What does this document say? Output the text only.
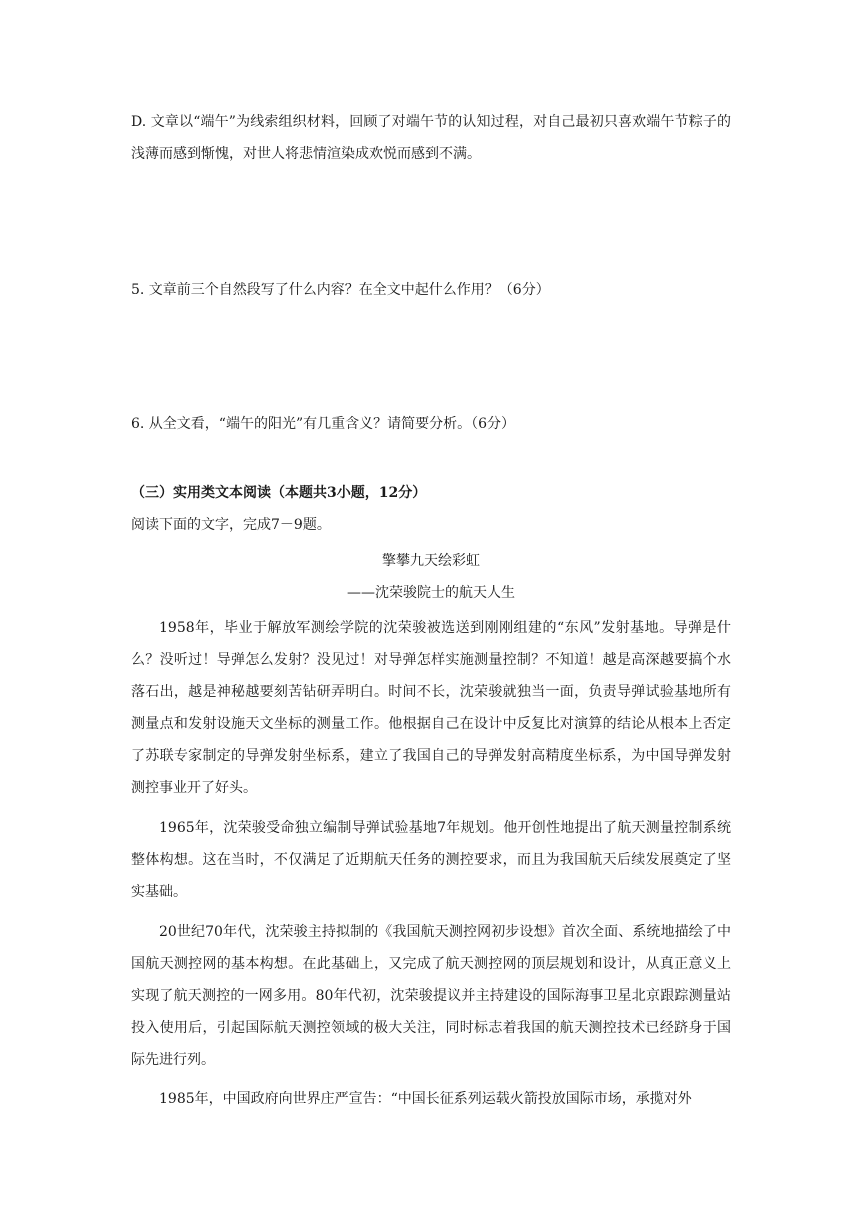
D. 文章以“端午”为线索组织材料，回顾了对端午节的认知过程，对自己最初只喜欢端午节粽子的浅薄而感到惭愧，对世人将悲情渲染成欢悦而感到不满。
5. 文章前三个自然段写了什么内容？在全文中起什么作用？（6分）
6. 从全文看，“端午的阳光”有几重含义？请简要分析。（6分）
（三）实用类文本阅读（本题共3小题，12分）
阅读下面的文字，完成7－9题。
擎攀九天绘彩虹
——沈荣骏院士的航天人生
1958年，毕业于解放军测绘学院的沈荣骏被选送到刚刚组建的“东风”发射基地。导弹是什么？没听过！导弹怎么发射？没见过！对导弹怎样实施测量控制？不知道！越是高深越要搞个水落石出，越是神秘越要刻苦钻研弄明白。时间不长，沈荣骏就独当一面，负责导弹试验基地所有测量点和发射设施天文坐标的测量工作。他根据自己在设计中反复比对演算的结论从根本上否定了苏联专家制定的导弹发射坐标系，建立了我国自己的导弹发射高精度坐标系，为中国导弹发射测控事业开了好头。
1965年，沈荣骏受命独立编制导弹试验基地7年规划。他开创性地提出了航天测量控制系统整体构想。这在当时，不仅满足了近期航天任务的测控要求，而且为我国航天后续发展奠定了坚实基础。
20世纪70年代，沈荣骏主持拟制的《我国航天测控网初步设想》首次全面、系统地描绘了中国航天测控网的基本构想。在此基础上，又完成了航天测控网的顶层规划和设计，从真正意义上实现了航天测控的一网多用。80年代初，沈荣骏提议并主持建设的国际海事卫星北京跟踪测量站投入使用后，引起国际航天测控领域的极大关注，同时标志着我国的航天测控技术已经跻身于国际先进行列。
1985年，中国政府向世界庄严宣告：“中国长征系列运载火箭投放国际市场，承揽对外
